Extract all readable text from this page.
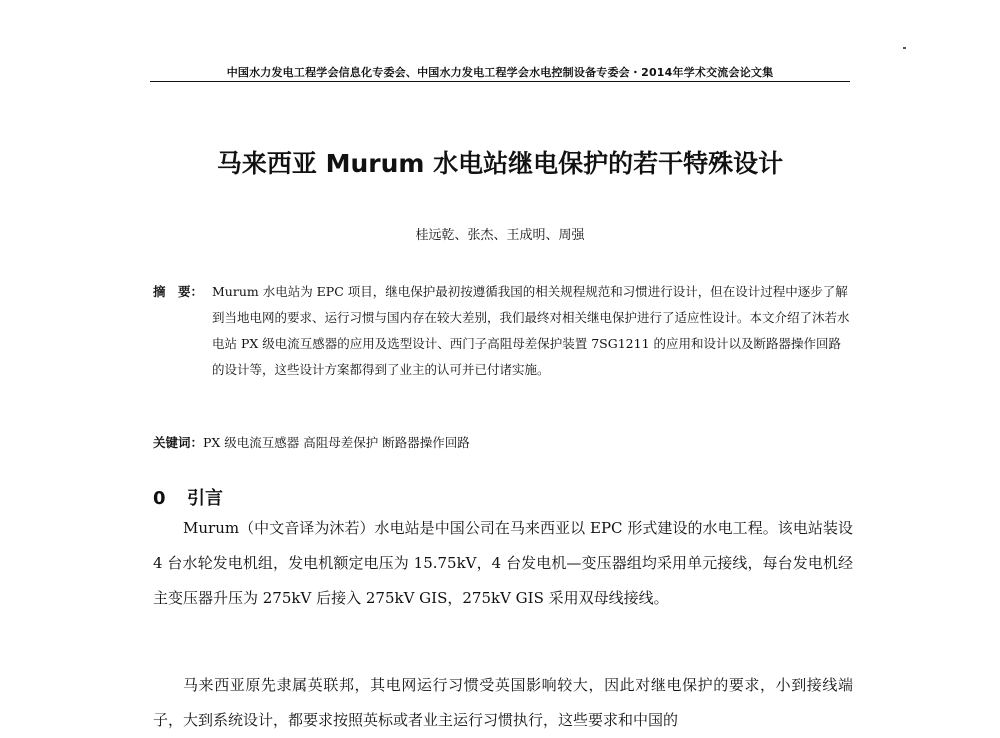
中国水力发电工程学会信息化专委会、中国水力发电工程学会水电控制设备专委会・2014年学术交流会论文集
马来西亚 Murum 水电站继电保护的若干特殊设计
桂远乾、张杰、王成明、周强
摘　要： Murum 水电站为 EPC 项目，继电保护最初按遵循我国的相关规程规范和习惯进行设计，但在设计过程中逐步了解到当地电网的要求、运行习惯与国内存在较大差别，我们最终对相关继电保护进行了适应性设计。本文介绍了沐若水电站 PX 级电流互感器的应用及选型设计、西门子高阻母差保护装置 7SG1211 的应用和设计以及断路器操作回路的设计等，这些设计方案都得到了业主的认可并已付诸实施。
关键词：PX 级电流互感器 高阻母差保护 断路器操作回路
0 引言
Murum（中文音译为沐若）水电站是中国公司在马来西亚以 EPC 形式建设的水电工程。该电站装设 4 台水轮发电机组，发电机额定电压为 15.75kV，4 台发电机—变压器组均采用单元接线，每台发电机经主变压器升压为 275kV 后接入 275kV GIS，275kV GIS 采用双母线接线。
马来西亚原先隶属英联邦，其电网运行习惯受英国影响较大，因此对继电保护的要求，小到接线端子，大到系统设计，都要求按照英标或者业主运行习惯执行，这些要求和中国的
